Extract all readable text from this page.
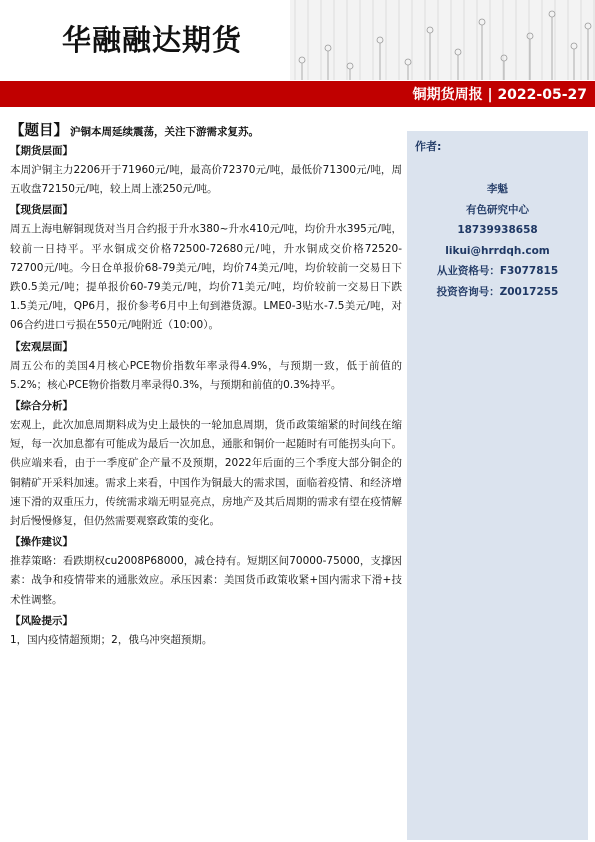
华融融达期货
铜期货周报 | 2022-05-27
【题目】 沪铜本周延续震荡，关注下游需求复苏。
作者:
李魁
有色研究中心
18739938658
likui@hrrdqh.com
从业资格号：F3077815
投资咨询号：Z0017255
【期货层面】
本周沪铜主力2206开于71960元/吨，最高价72370元/吨，最低价71300元/吨，周五收盘72150元/吨，较上周上涨250元/吨。
【现货层面】
周五上海电解铜现货对当月合约报于升水380~升水410元/吨，均价升水395元/吨，较前一日持平。平水铜成交价格72500-72680元/吨，升水铜成交价格72520-72700元/吨。今日仓单报价68-79美元/吨，均价74美元/吨，均价较前一交易日下跌0.5美元/吨；提单报价60-79美元/吨，均价71美元/吨，均价较前一交易日下跌1.5美元/吨，QP6月，报价参考6月中上旬到港货源。LME0-3贴水-7.5美元/吨，对06合约进口亏损在550元/吨附近（10:00）。
【宏观层面】
周五公布的美国4月核心PCE物价指数年率录得4.9%，与预期一致，低于前值的5.2%；核心PCE物价指数月率录得0.3%，与预期和前值的0.3%持平。
【综合分析】
宏观上，此次加息周期料成为史上最快的一轮加息周期，货币政策缩紧的时间线在缩短，每一次加息都有可能成为最后一次加息，通胀和铜价一起随时有可能拐头向下。供应端来看，由于一季度矿企产量不及预期，2022年后面的三个季度大部分铜企的铜精矿开采料加速。需求上来看，中国作为铜最大的需求国，面临着疫情、和经济增速下滑的双重压力，传统需求端无明显亮点，房地产及其后周期的需求有望在疫情解封后慢慢修复，但仍然需要观察政策的变化。
【操作建议】
推荐策略：看跌期权cu2008P68000，减仓持有。短期区间70000-75000，支撑因素：战争和疫情带来的通胀效应。承压因素：美国货币政策收紧+国内需求下滑+技术性调整。
【风险提示】
1，国内疫情超预期；2，俄乌冲突超预期。
